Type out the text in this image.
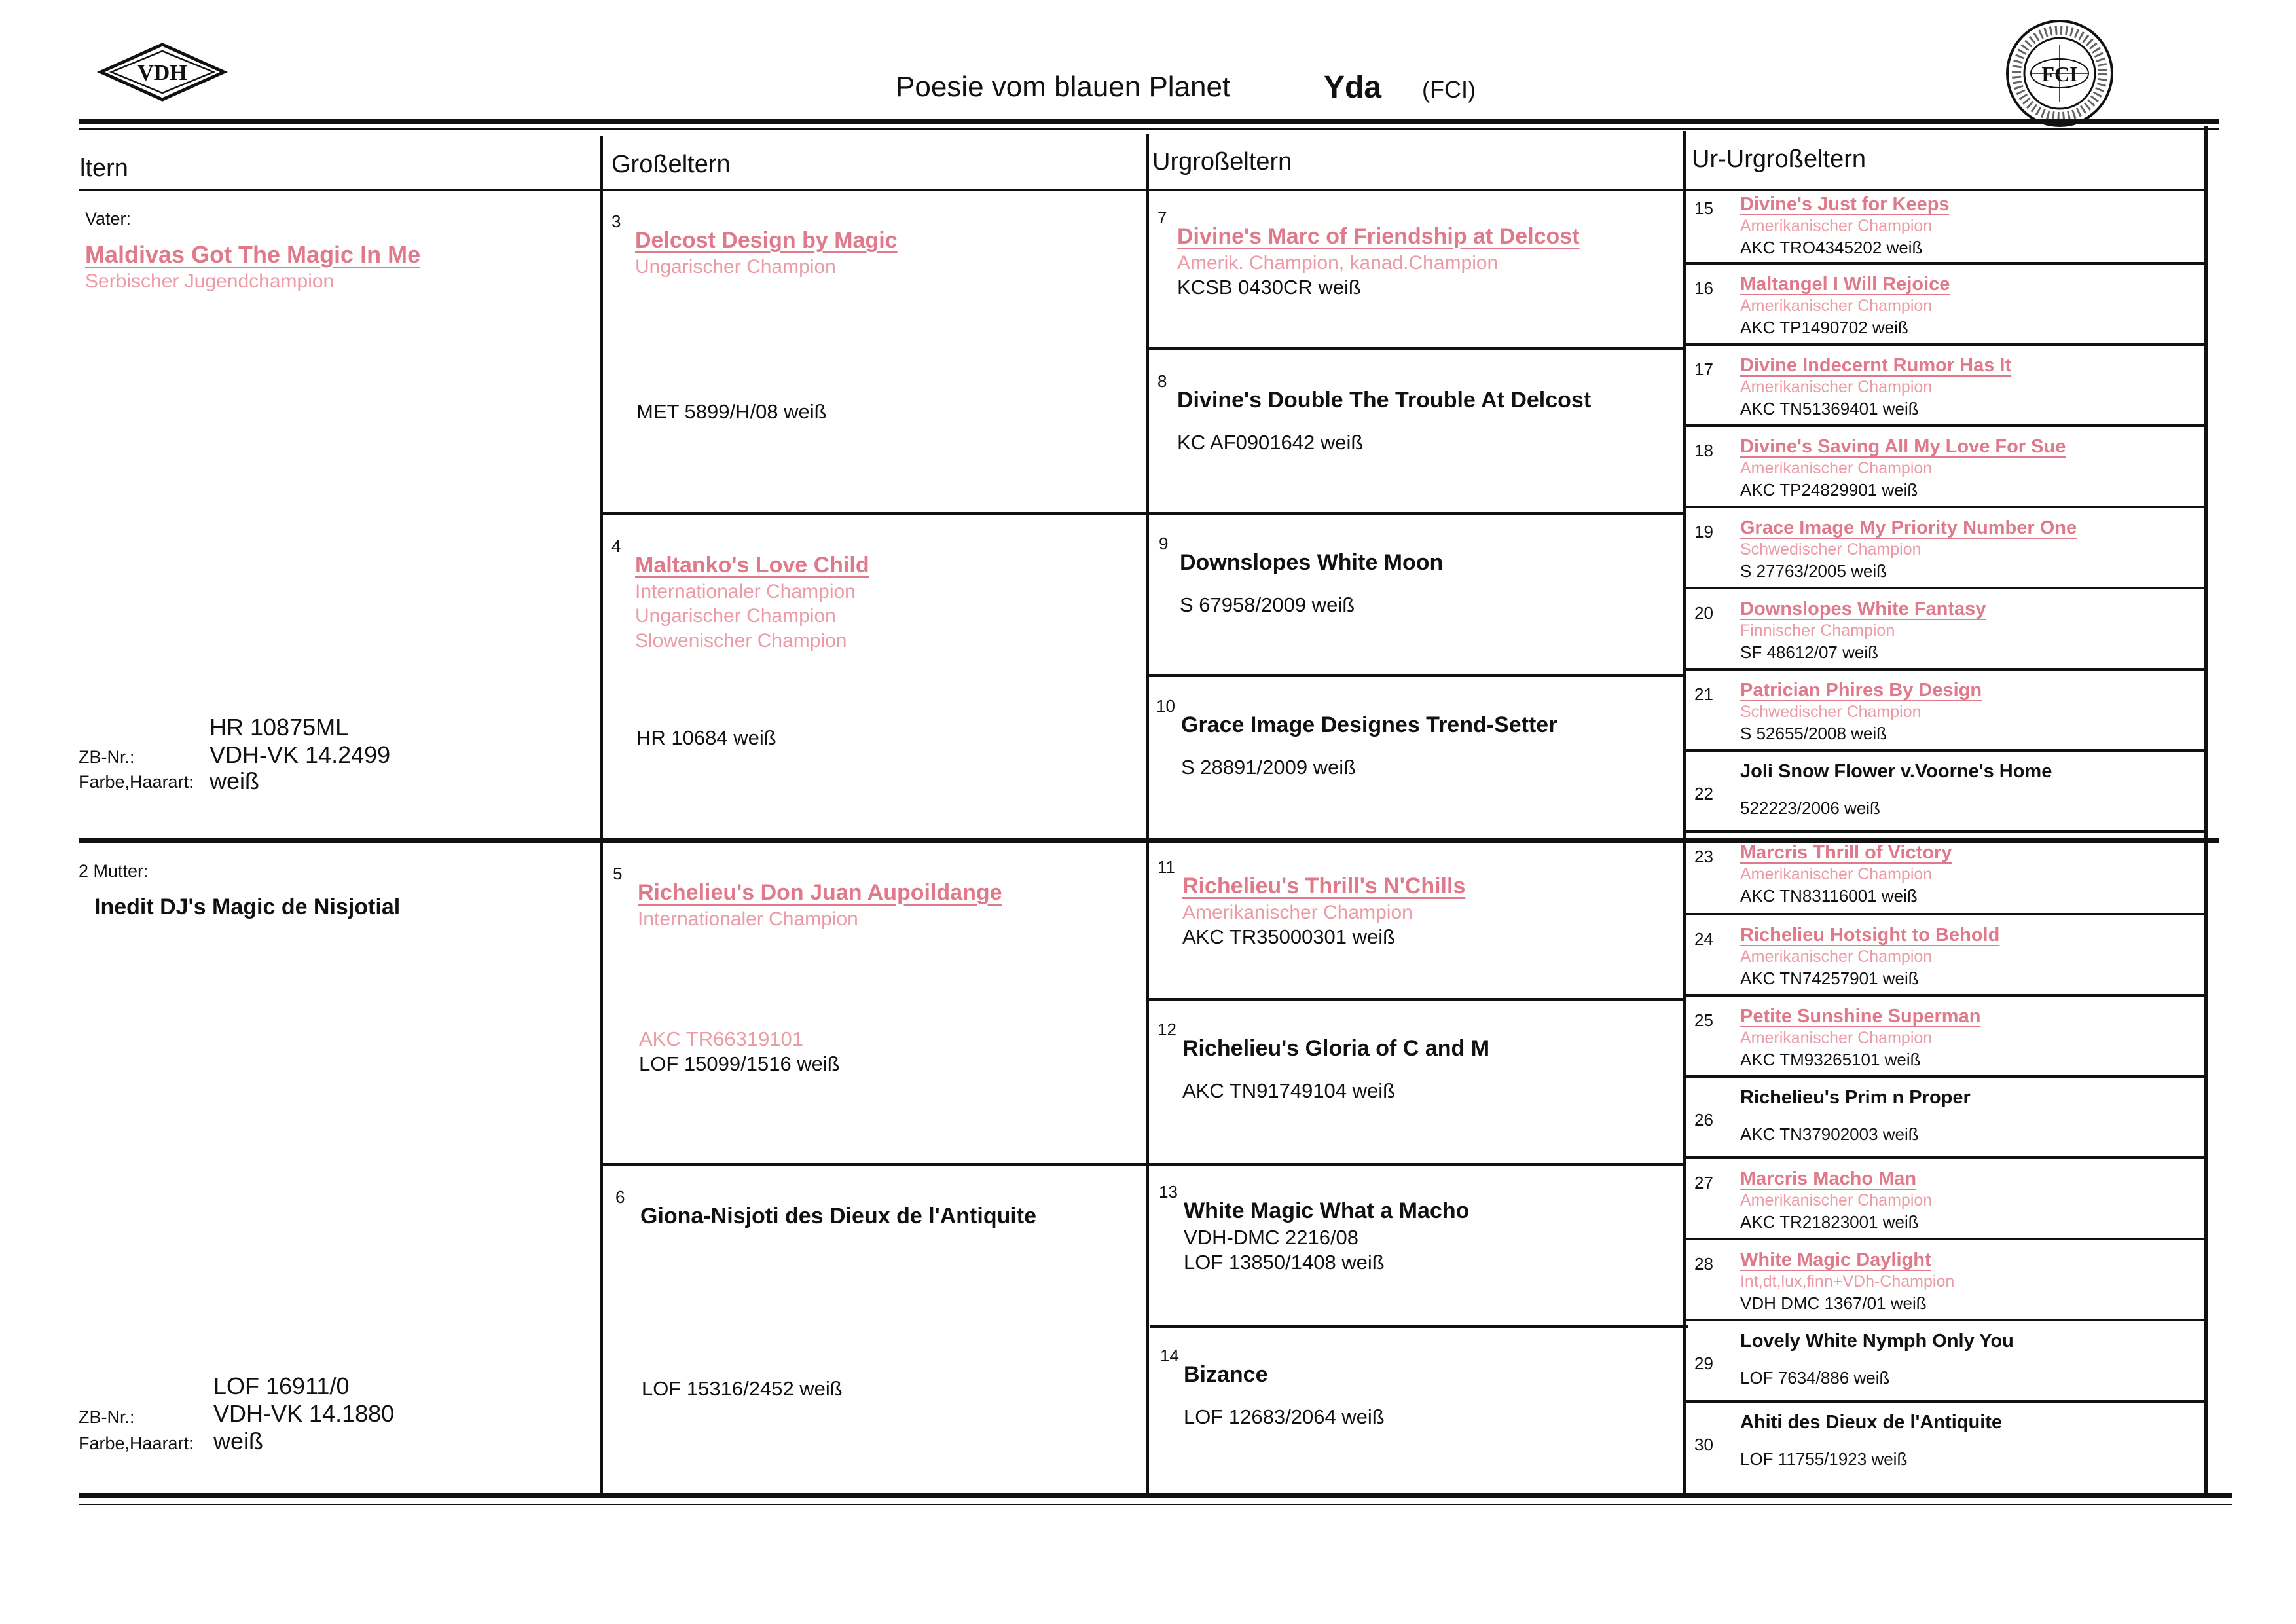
VDH	FCI
Poesie vom blauen Planet	Yda (FCI)
ltern	Großeltern	Urgroßeltern	Ur-Urgroßeltern
Vater:
Maldivas Got The Magic In Me
Serbischer Jugendchampion
HR 10875ML
ZB-Nr.:	VDH-VK 14.2499
Farbe,Haarart: weiß
2 Mutter:
Inedit DJ's Magic de Nisjotial
LOF 16911/0
ZB-Nr.:	VDH-VK 14.1880
Farbe,Haarart: weiß
3
Delcost Design by Magic
Ungarischer Champion
MET 5899/H/08 weiß
4
Maltanko's Love Child
Internationaler Champion
Ungarischer Champion
Slowenischer Champion
HR 10684 weiß
5
Richelieu's Don Juan Aupoildange
Internationaler Champion
AKC TR66319101
LOF 15099/1516 weiß
6
Giona-Nisjoti des Dieux de l'Antiquite
LOF 15316/2452 weiß
7
Divine's Marc of Friendship at Delcost
Amerik. Champion, kanad.Champion
KCSB 0430CR weiß
8
Divine's Double The Trouble At Delcost
KC AF0901642 weiß
9
Downslopes White Moon
S 67958/2009 weiß
10
Grace Image Designes Trend-Setter
S 28891/2009 weiß
11
Richelieu's Thrill's N'Chills
Amerikanischer Champion
AKC TR35000301 weiß
12
Richelieu's Gloria of C and M
AKC TN91749104 weiß
13
White Magic What a Macho
VDH-DMC 2216/08
LOF 13850/1408 weiß
14
Bizance
LOF 12683/2064 weiß
15 Divine's Just for Keeps
Amerikanischer Champion
AKC TRO4345202 weiß
16 Maltangel I Will Rejoice
Amerikanischer Champion
AKC TP1490702 weiß
17 Divine Indecernt Rumor Has It
Amerikanischer Champion
AKC TN51369401 weiß
18 Divine's Saving All My Love For Sue
Amerikanischer Champion
AKC TP24829901 weiß
19 Grace Image My Priority Number One
Schwedischer Champion
S 27763/2005 weiß
20 Downslopes White Fantasy
Finnischer Champion
SF 48612/07 weiß
21 Patrician Phires By Design
Schwedischer Champion
S 52655/2008 weiß
22
Joli Snow Flower v.Voorne's Home
522223/2006 weiß
23 Marcris Thrill of Victory
Amerikanischer Champion
AKC TN83116001 weiß
24 Richelieu Hotsight to Behold
Amerikanischer Champion
AKC TN74257901 weiß
25 Petite Sunshine Superman
Amerikanischer Champion
AKC TM93265101 weiß
26
Richelieu's Prim n Proper
AKC TN37902003 weiß
27 Marcris Macho Man
Amerikanischer Champion
AKC TR21823001 weiß
28 White Magic Daylight
Int,dt,lux,finn+VDh-Champion
VDH DMC 1367/01 weiß
29
Lovely White Nymph Only You
LOF 7634/886 weiß
30
Ahiti des Dieux de l'Antiquite
LOF 11755/1923 weiß
